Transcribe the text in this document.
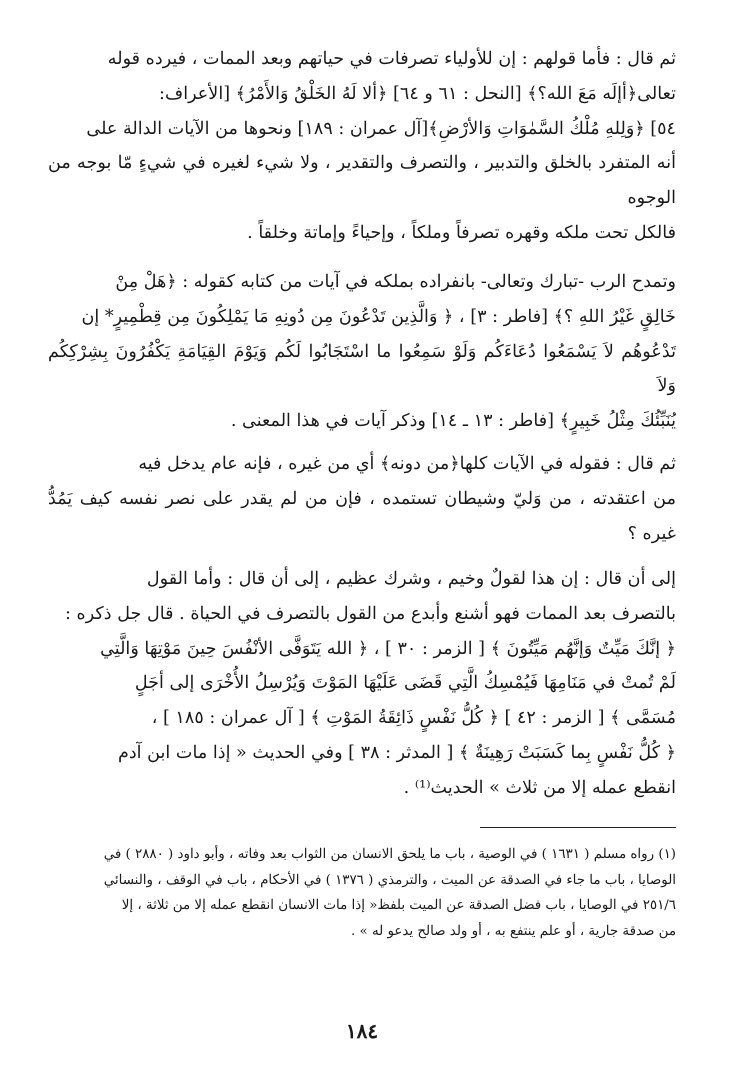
ثم قال : فأما قولهم : إن للأولياء تصرفات في حياتهم وبعد الممات ، فيرده قوله
تعالى﴿أإلَه مَعَ الله؟﴾ [النحل : ٦١ و ٦٤] ﴿ألا لَهُ الخَلْقُ وَالأَمْرُ﴾ [الأعراف:
٥٤] ﴿وَلِلهِ مُلْكُ السَّمٰوَاتِ وَالأرْضِ﴾[آل عمران : ١٨٩] ونحوها من الآيات الدالة على
أنه المتفرد بالخلق والتدبير ، والتصرف والتقدير ، ولا شيء لغيره في شيءٍ مّا بوجه من الوجوه
فالكل تحت ملكه وقهره تصرفاً وملكاً ، وإحياءً وإماتة وخلقاً .

وتمدح الرب -تبارك وتعالى- بانفراده بملكه في آيات من كتابه كقوله : ﴿هَلْ مِنْ
خَالِقٍ غَيْرُ اللهِ ؟﴾ [فاطر : ٣] ، ﴿ وَالَّذِين تَدْعُونَ مِن دُونِهِ مَا يَمْلِكُونَ مِن قِطْمِيرٍ* إن
تَدْعُوهُم لاَ يَسْمَعُوا دُعَاءَكُم وَلَوْ سَمِعُوا ما اسْتَجَابُوا لَكُم وَيَوْمَ القِيَامَةِ يَكْفُرُونَ بِشِرْكِكُم وَلاَ
يُنَبِّئُكَ مِثْلُ خَبِيرٍ﴾ [فاطر : ١٣ ـ ١٤] وذكر آيات في هذا المعنى .

ثم قال : فقوله في الآيات كلها﴿من دونه﴾ أي من غيره ، فإنه عام يدخل فيه
من اعتقدته ، من وَليّ وشيطان تستمده ، فإن من لم يقدر على نصر نفسه كيف يَمُدُّ غيره ؟

إلى أن قال : إن هذا لقولٌ وخيم ، وشرك عظيم ، إلى أن قال : وأما القول
بالتصرف بعد الممات فهو أشنع وأبدع من القول بالتصرف في الحياة . قال جل ذكره :
﴿ إنَّكَ مَيِّتٌ وَإنَّهُم مَيِّتُونَ ﴾ [ الزمر : ٣٠ ] ، ﴿ الله يَتَوَفَّى الأنْفُسَ حِينَ مَوْتِهَا وَالَّتِي
لَمْ تُمتْ في مَنَامِهَا فَيُمْسِكُ الَّتِي قَضَى عَلَيْهَا المَوْتَ وَيُرْسِلُ الأُخْرَى إلى أجَلٍ
مُسَمَّى ﴾ [ الزمر : ٤٢ ] ﴿ كُلُّ نَفْسٍ ذَائِقَةُ المَوْتِ ﴾ [ آل عمران : ١٨٥ ] ،
﴿ كُلُّ نَفْسٍ بِما كَسَبَتْ رَهِينَةٌ ﴾ [ المدثر : ٣٨ ] وفي الحديث « إذا مات ابن آدم
انقطع عمله إلا من ثلاث » الحديث⁽¹⁾ .

(١) رواه مسلم ( ١٦٣١ ) في الوصية ، باب ما يلحق الانسان من الثواب بعد وفاته ، وأبو داود ( ٢٨٨٠ ) في
الوصايا ، باب ما جاء في الصدقة عن الميت ، والترمذي ( ١٣٧٦ ) في الأحكام ، باب في الوقف ، والنسائي
٢٥١/٦ في الوصايا ، باب فضل الصدقة عن الميت بلفظ« إذا مات الانسان انقطع عمله إلا من ثلاثة ، إلا
من صدقة جارية ، أو علم ينتفع به ، أو ولد صالح يدعو له » .

١٨٤
